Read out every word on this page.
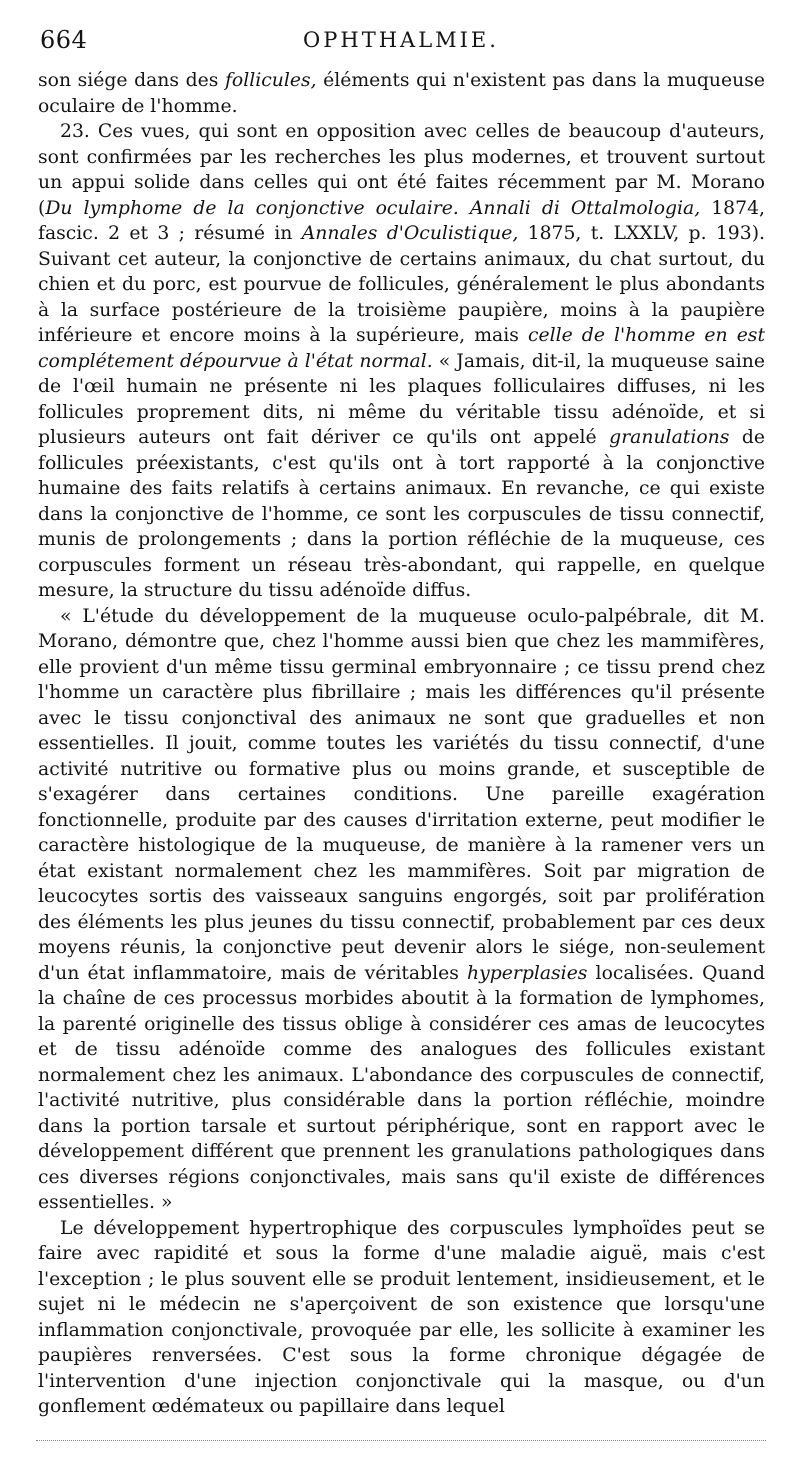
664	OPHTHALMIE.

son siége dans des follicules, éléments qui n'existent pas dans la muqueuse oculaire de l'homme.

23. Ces vues, qui sont en opposition avec celles de beaucoup d'auteurs, sont confirmées par les recherches les plus modernes, et trouvent surtout un appui solide dans celles qui ont été faites récemment par M. Morano (Du lymphome de la conjonctive oculaire. Annali di Ottalmologia, 1874, fascic. 2 et 3 ; résumé in Annales d'Oculistique, 1875, t. LXXLV, p. 193). Suivant cet auteur, la conjonctive de certains animaux, du chat surtout, du chien et du porc, est pourvue de follicules, généralement le plus abondants à la surface postérieure de la troisième paupière, moins à la paupière inférieure et encore moins à la supérieure, mais celle de l'homme en est complétement dépourvue à l'état normal. « Jamais, dit-il, la muqueuse saine de l'œil humain ne présente ni les plaques folliculaires diffuses, ni les follicules proprement dits, ni même du véritable tissu adénoïde, et si plusieurs auteurs ont fait dériver ce qu'ils ont appelé granulations de follicules préexistants, c'est qu'ils ont à tort rapporté à la conjonctive humaine des faits relatifs à certains animaux. En revanche, ce qui existe dans la conjonctive de l'homme, ce sont les corpuscules de tissu connectif, munis de prolongements ; dans la portion réfléchie de la muqueuse, ces corpuscules forment un réseau très-abondant, qui rappelle, en quelque mesure, la structure du tissu adénoïde diffus.

« L'étude du développement de la muqueuse oculo-palpébrale, dit M. Morano, démontre que, chez l'homme aussi bien que chez les mammifères, elle provient d'un même tissu germinal embryonnaire ; ce tissu prend chez l'homme un caractère plus fibrillaire ; mais les différences qu'il présente avec le tissu conjonctival des animaux ne sont que graduelles et non essentielles. Il jouit, comme toutes les variétés du tissu connectif, d'une activité nutritive ou formative plus ou moins grande, et susceptible de s'exagérer dans certaines conditions. Une pareille exagération fonctionnelle, produite par des causes d'irritation externe, peut modifier le caractère histologique de la muqueuse, de manière à la ramener vers un état existant normalement chez les mammifères. Soit par migration de leucocytes sortis des vaisseaux sanguins engorgés, soit par prolifération des éléments les plus jeunes du tissu connectif, probablement par ces deux moyens réunis, la conjonctive peut devenir alors le siége, non-seulement d'un état inflammatoire, mais de véritables hyperplasies localisées. Quand la chaîne de ces processus morbides aboutit à la formation de lymphomes, la parenté originelle des tissus oblige à considérer ces amas de leucocytes et de tissu adénoïde comme des analogues des follicules existant normalement chez les animaux. L'abondance des corpuscules de connectif, l'activité nutritive, plus considérable dans la portion réfléchie, moindre dans la portion tarsale et surtout périphérique, sont en rapport avec le développement différent que prennent les granulations pathologiques dans ces diverses régions conjonctivales, mais sans qu'il existe de différences essentielles. »

Le développement hypertrophique des corpuscules lymphoïdes peut se faire avec rapidité et sous la forme d'une maladie aiguë, mais c'est l'exception ; le plus souvent elle se produit lentement, insidieusement, et le sujet ni le médecin ne s'aperçoivent de son existence que lorsqu'une inflammation conjonctivale, provoquée par elle, les sollicite à examiner les paupières renversées. C'est sous la forme chronique dégagée de l'intervention d'une injection conjonctivale qui la masque, ou d'un gonflement œdémateux ou papillaire dans lequel
